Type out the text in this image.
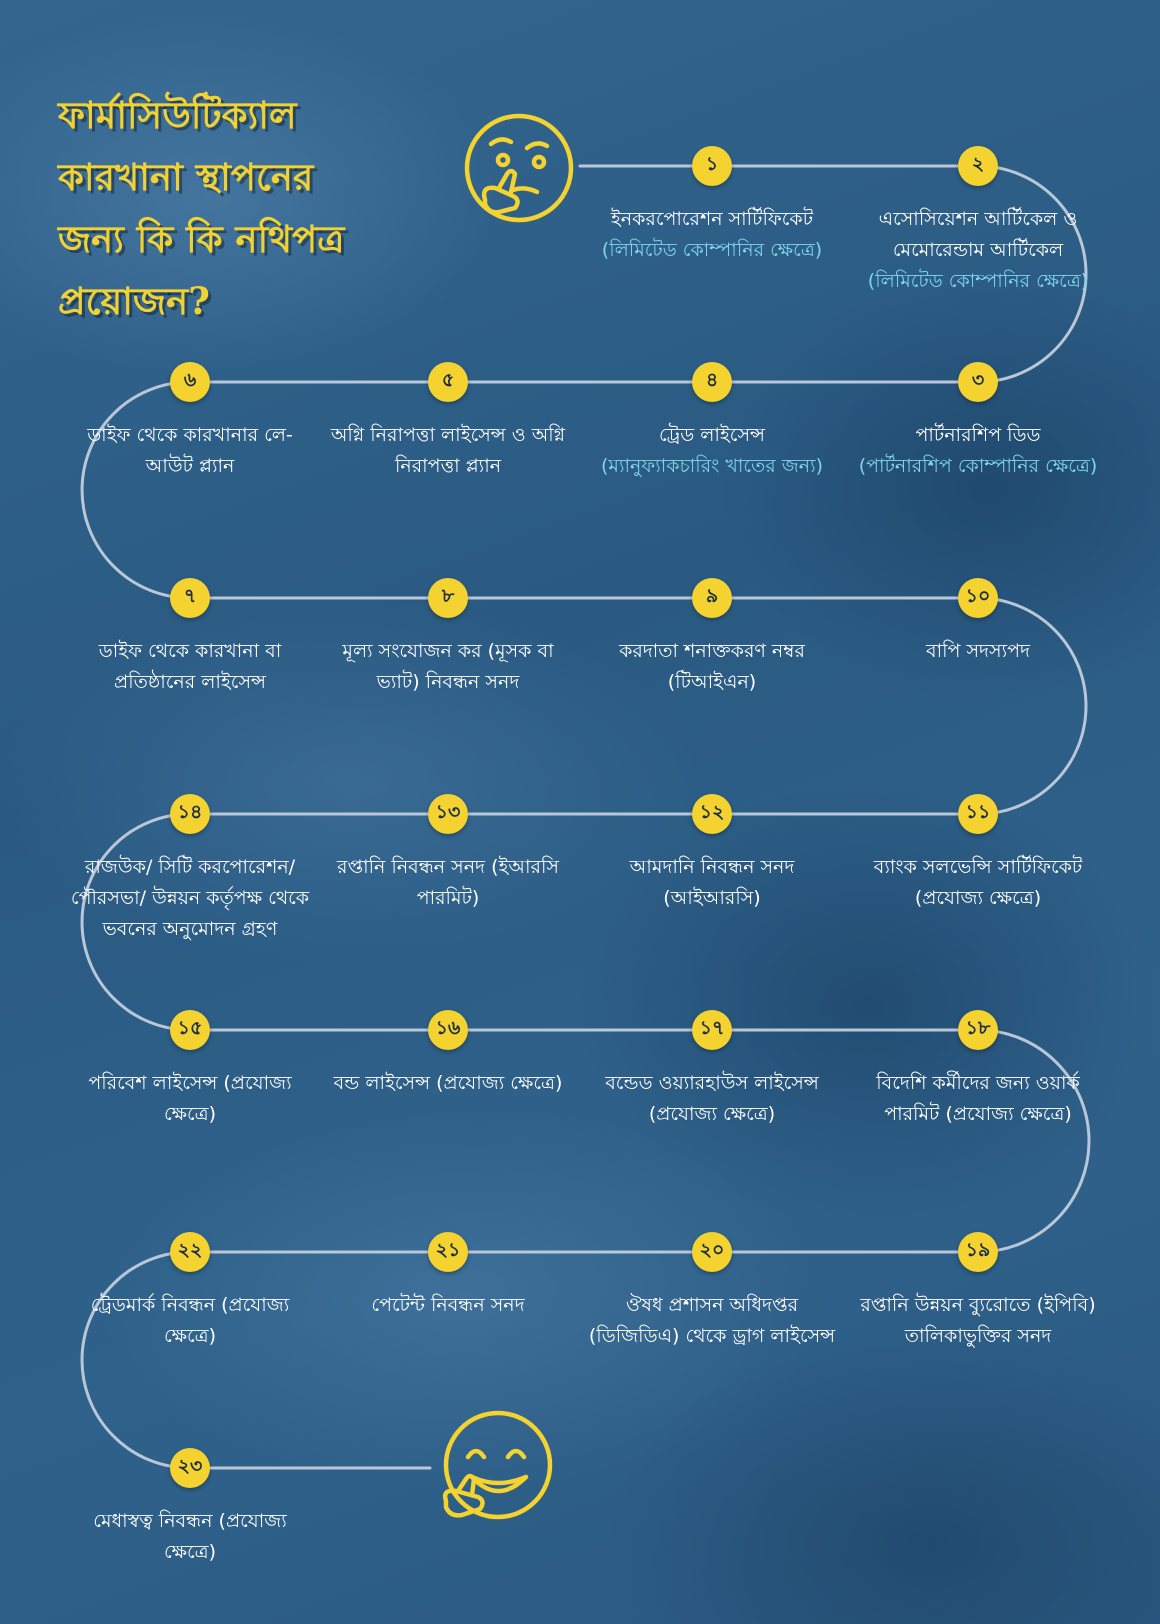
ফার্মাসিউটিক্যাল
কারখানা স্থাপনের
জন্য কি কি নথিপত্র
প্রয়োজন?
১
ইনকরপোরেশন সার্টিফিকেট
(লিমিটেড কোম্পানির ক্ষেত্রে)
২
এসোসিয়েশন আর্টিকেল ও মেমোরেন্ডাম আর্টিকেল
(লিমিটেড কোম্পানির ক্ষেত্রে)
৩
পার্টনারশিপ ডিড
(পার্টনারশিপ কোম্পানির ক্ষেত্রে)
৪
ট্রেড লাইসেন্স
(ম্যানুফ্যাকচারিং খাতের জন্য)
৫
অগ্নি নিরাপত্তা লাইসেন্স ও অগ্নি নিরাপত্তা প্ল্যান
৬
ডাইফ থেকে কারখানার লে-আউট প্ল্যান
৭
ডাইফ থেকে কারখানা বা প্রতিষ্ঠানের লাইসেন্স
৮
মূল্য সংযোজন কর (মূসক বা ভ্যাট) নিবন্ধন সনদ
৯
করদাতা শনাক্তকরণ নম্বর (টিআইএন)
১০
বাপি সদস্যপদ
১১
ব্যাংক সলভেন্সি সার্টিফিকেট (প্রযোজ্য ক্ষেত্রে)
১২
আমদানি নিবন্ধন সনদ (আইআরসি)
১৩
রপ্তানি নিবন্ধন সনদ (ইআরসি পারমিট)
১৪
রাজউক/ সিটি করপোরেশন/পৌরসভা/ উন্নয়ন কর্তৃপক্ষ থেকে ভবনের অনুমোদন গ্রহণ
১৫
পরিবেশ লাইসেন্স (প্রযোজ্য ক্ষেত্রে)
১৬
বন্ড লাইসেন্স (প্রযোজ্য ক্ষেত্রে)
১৭
বন্ডেড ওয়্যারহাউস লাইসেন্স (প্রযোজ্য ক্ষেত্রে)
১৮
বিদেশি কর্মীদের জন্য ওয়ার্ক পারমিট (প্রযোজ্য ক্ষেত্রে)
১৯
রপ্তানি উন্নয়ন ব্যুরোতে (ইপিবি) তালিকাভুক্তির সনদ
২০
ঔষধ প্রশাসন অধিদপ্তর (ডিজিডিএ) থেকে ড্রাগ লাইসেন্স
২১
পেটেন্ট নিবন্ধন সনদ
২২
ট্রেডমার্ক নিবন্ধন (প্রযোজ্য ক্ষেত্রে)
২৩
মেধাস্বত্ব নিবন্ধন (প্রযোজ্য ক্ষেত্রে)
